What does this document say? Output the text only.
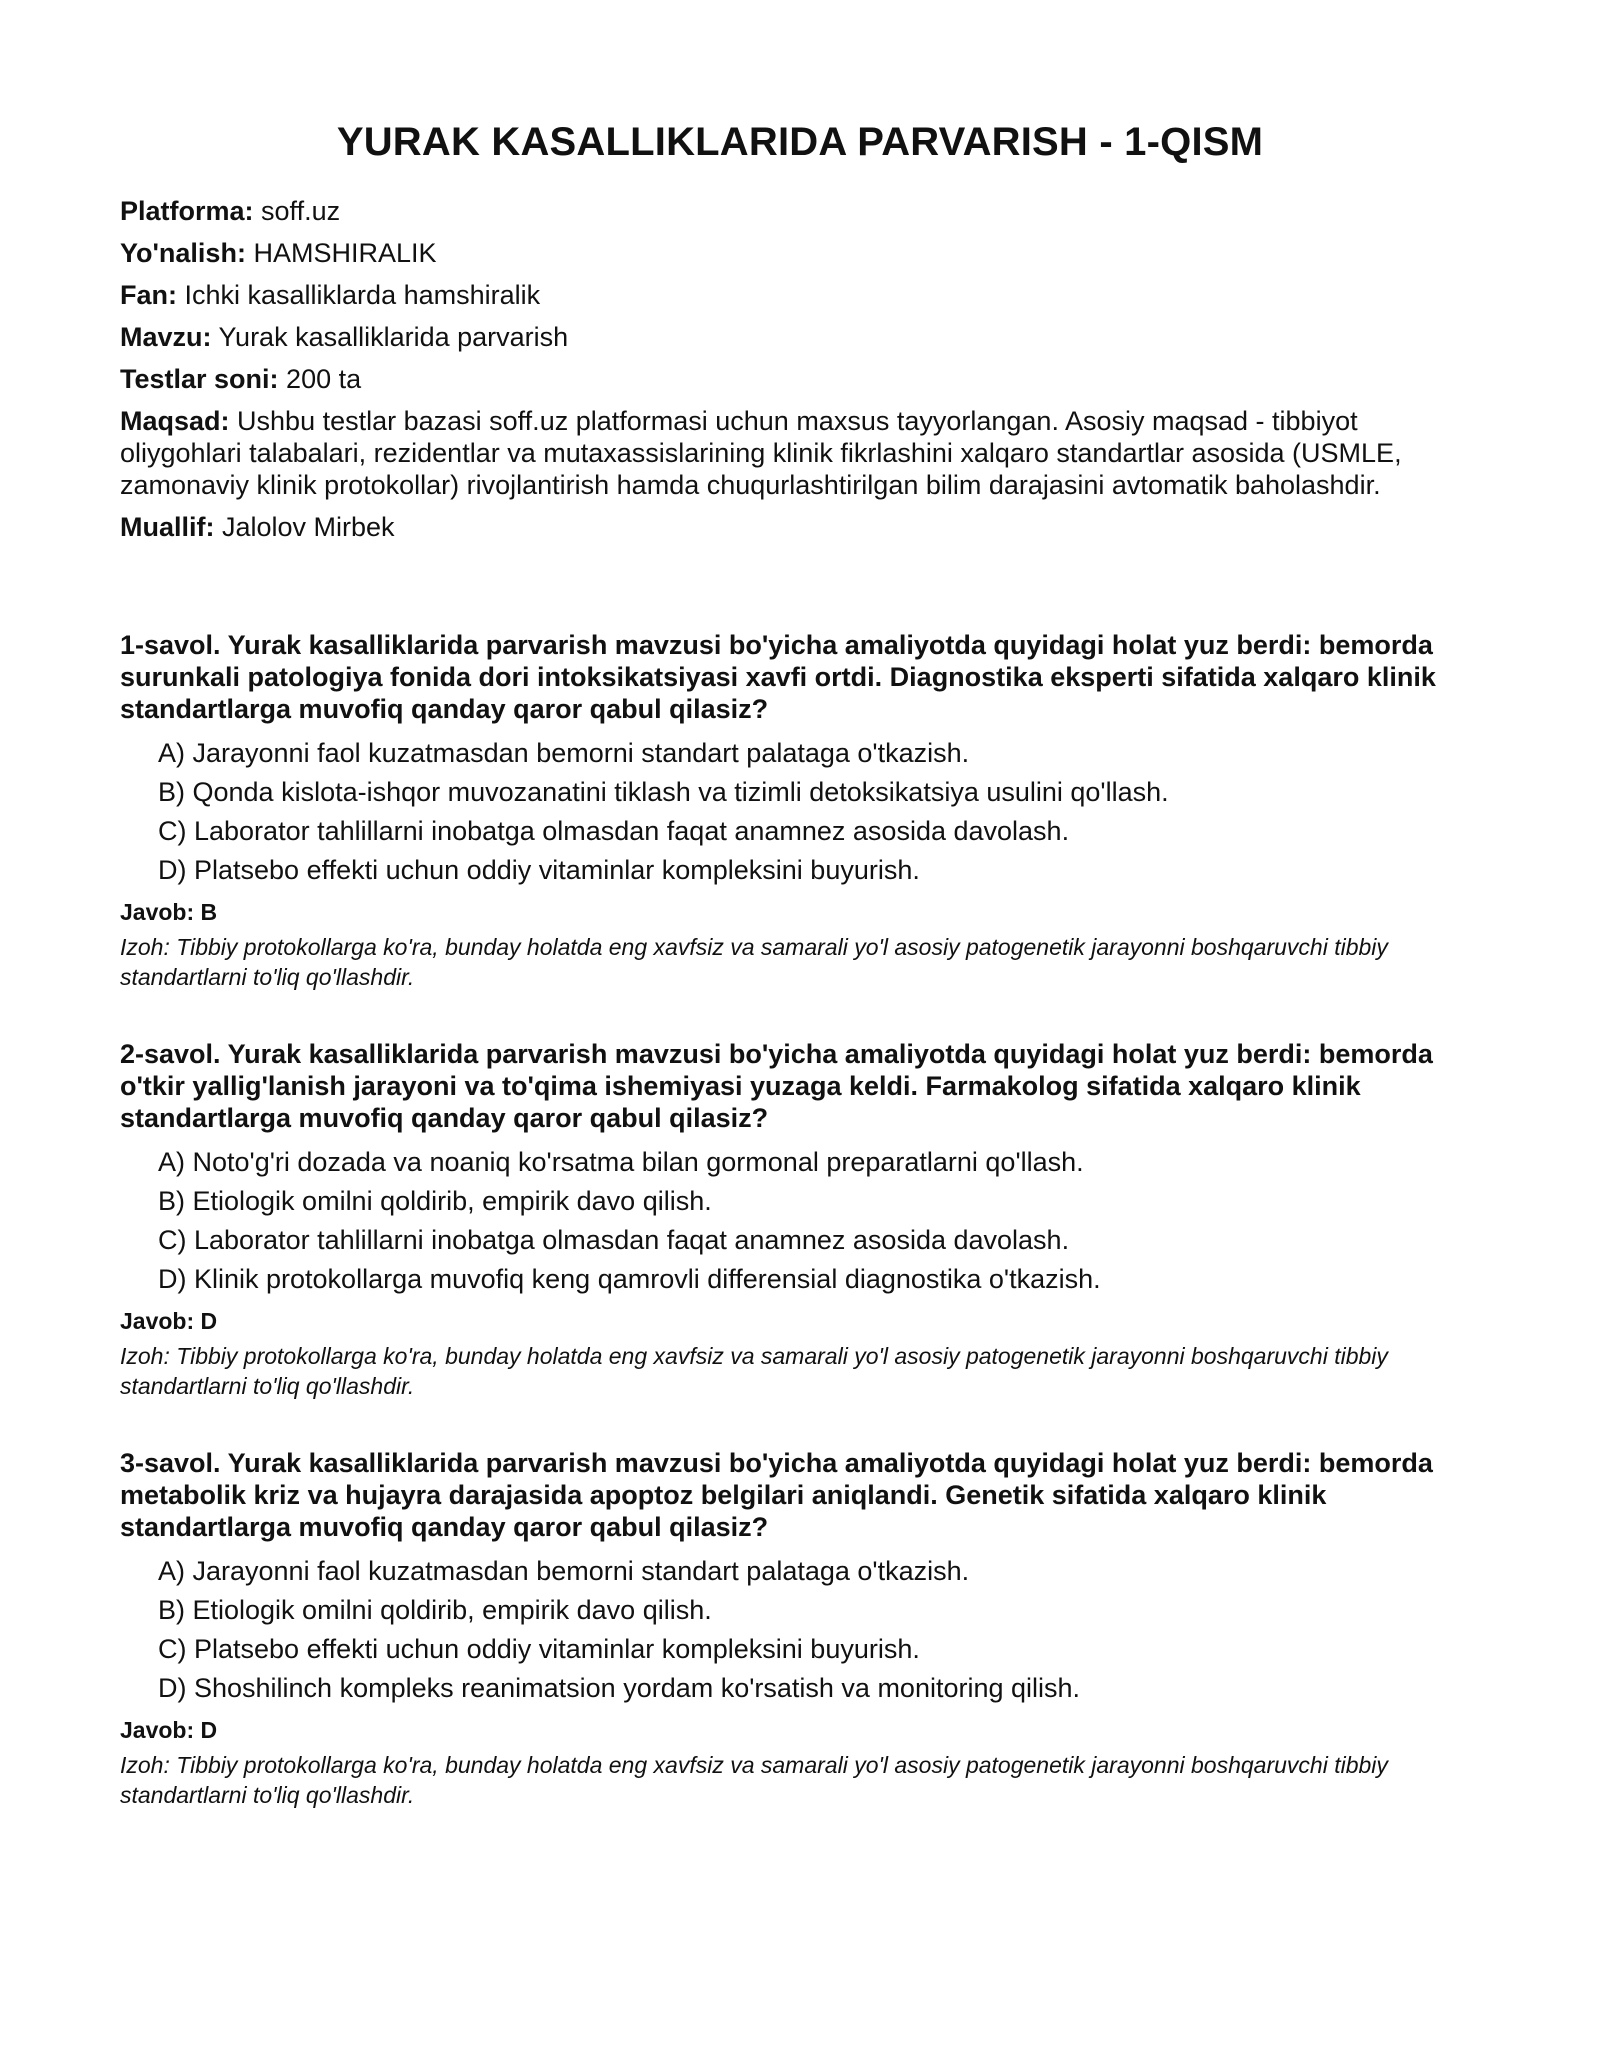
YURAK KASALLIKLARIDA PARVARISH - 1-QISM
Platforma: soff.uz
Yo'nalish: HAMSHIRALIK
Fan: Ichki kasalliklarda hamshiralik
Mavzu: Yurak kasalliklarida parvarish
Testlar soni: 200 ta
Maqsad: Ushbu testlar bazasi soff.uz platformasi uchun maxsus tayyorlangan. Asosiy maqsad - tibbiyot oliygohlari talabalari, rezidentlar va mutaxassislarining klinik fikrlashini xalqaro standartlar asosida (USMLE, zamonaviy klinik protokollar) rivojlantirish hamda chuqurlashtirilgan bilim darajasini avtomatik baholashdir.
Muallif: Jalolov Mirbek
1-savol. Yurak kasalliklarida parvarish mavzusi bo'yicha amaliyotda quyidagi holat yuz berdi: bemorda surunkali patologiya fonida dori intoksikatsiyasi xavfi ortdi. Diagnostika eksperti sifatida xalqaro klinik standartlarga muvofiq qanday qaror qabul qilasiz?
A) Jarayonni faol kuzatmasdan bemorni standart palataga o'tkazish.
B) Qonda kislota-ishqor muvozanatini tiklash va tizimli detoksikatsiya usulini qo'llash.
C) Laborator tahlillarni inobatga olmasdan faqat anamnez asosida davolash.
D) Platsebo effekti uchun oddiy vitaminlar kompleksini buyurish.
Javob: B
Izoh: Tibbiy protokollarga ko'ra, bunday holatda eng xavfsiz va samarali yo'l asosiy patogenetik jarayonni boshqaruvchi tibbiy standartlarni to'liq qo'llashdir.
2-savol. Yurak kasalliklarida parvarish mavzusi bo'yicha amaliyotda quyidagi holat yuz berdi: bemorda o'tkir yallig'lanish jarayoni va to'qima ishemiyasi yuzaga keldi. Farmakolog sifatida xalqaro klinik standartlarga muvofiq qanday qaror qabul qilasiz?
A) Noto'g'ri dozada va noaniq ko'rsatma bilan gormonal preparatlarni qo'llash.
B) Etiologik omilni qoldirib, empirik davo qilish.
C) Laborator tahlillarni inobatga olmasdan faqat anamnez asosida davolash.
D) Klinik protokollarga muvofiq keng qamrovli differensial diagnostika o'tkazish.
Javob: D
Izoh: Tibbiy protokollarga ko'ra, bunday holatda eng xavfsiz va samarali yo'l asosiy patogenetik jarayonni boshqaruvchi tibbiy standartlarni to'liq qo'llashdir.
3-savol. Yurak kasalliklarida parvarish mavzusi bo'yicha amaliyotda quyidagi holat yuz berdi: bemorda metabolik kriz va hujayra darajasida apoptoz belgilari aniqlandi. Genetik sifatida xalqaro klinik standartlarga muvofiq qanday qaror qabul qilasiz?
A) Jarayonni faol kuzatmasdan bemorni standart palataga o'tkazish.
B) Etiologik omilni qoldirib, empirik davo qilish.
C) Platsebo effekti uchun oddiy vitaminlar kompleksini buyurish.
D) Shoshilinch kompleks reanimatsion yordam ko'rsatish va monitoring qilish.
Javob: D
Izoh: Tibbiy protokollarga ko'ra, bunday holatda eng xavfsiz va samarali yo'l asosiy patogenetik jarayonni boshqaruvchi tibbiy standartlarni to'liq qo'llashdir.
